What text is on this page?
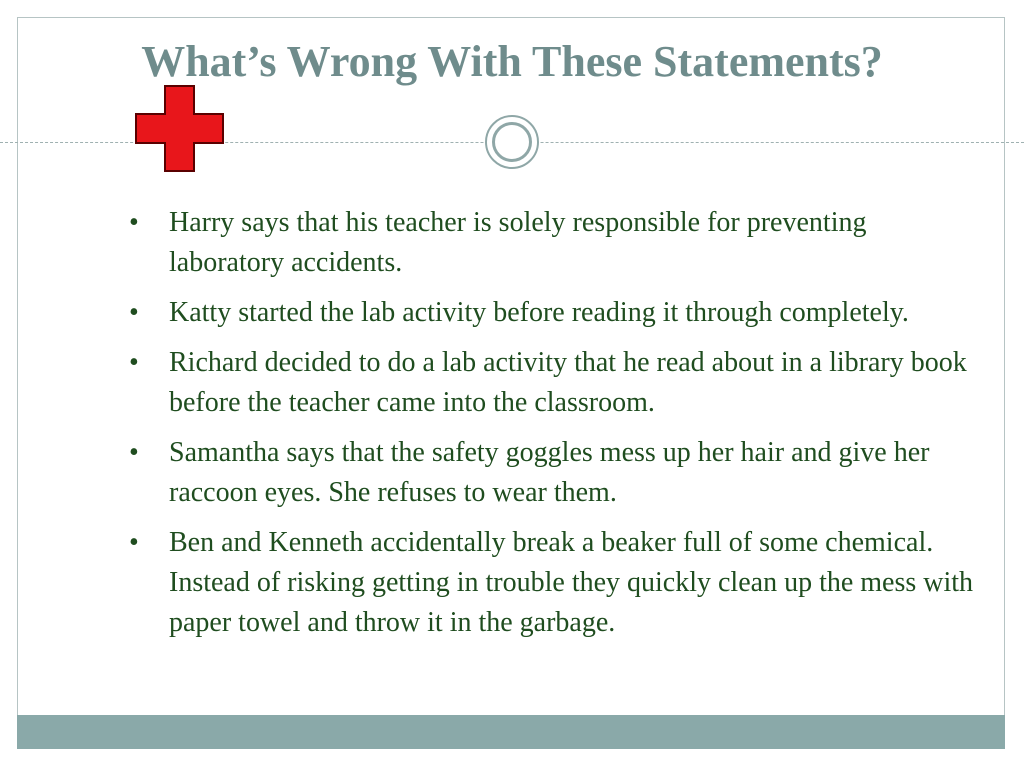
What’s Wrong With These Statements?
• Harry says that his teacher is solely responsible for preventing laboratory accidents.
• Katty started the lab activity before reading it through completely.
• Richard decided to do a lab activity that he read about in a library book before the teacher came into the classroom.
• Samantha says that the safety goggles mess up her hair and give her raccoon eyes. She refuses to wear them.
• Ben and Kenneth accidentally break a beaker full of some chemical. Instead of risking getting in trouble they quickly clean up the mess with paper towel and throw it in the garbage.
